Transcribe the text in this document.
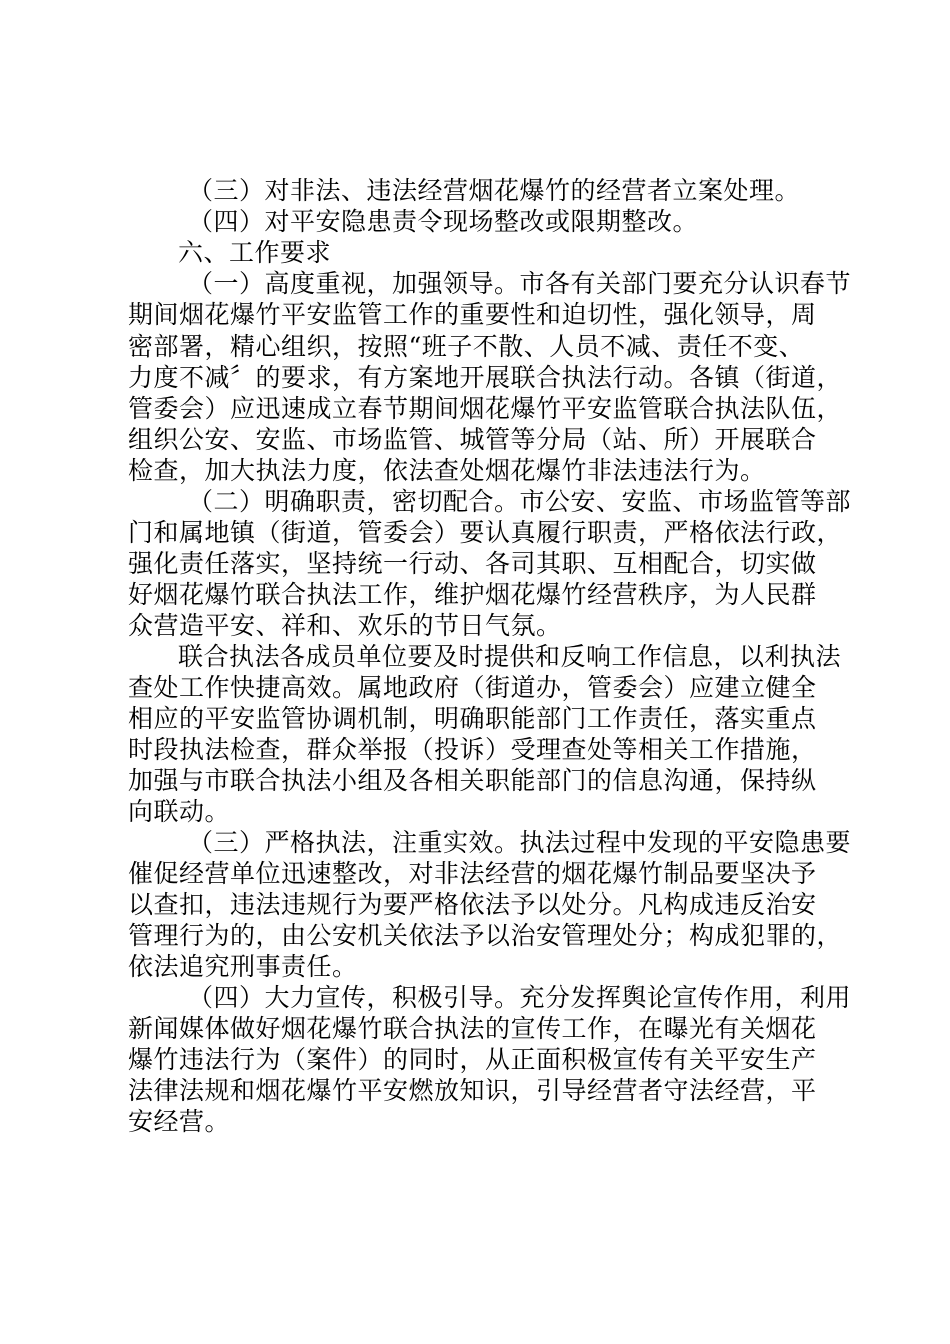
（三）对非法、违法经营烟花爆竹的经营者立案处理。
（四）对平安隐患责令现场整改或限期整改。
六、工作要求
（一）高度重视，加强领导。市各有关部门要充分认识春节
期间烟花爆竹平安监管工作的重要性和迫切性，强化领导，周
密部署，精心组织，按照“班子不散、人员不减、责任不变、
力度不减〞的要求，有方案地开展联合执法行动。各镇（街道，
管委会）应迅速成立春节期间烟花爆竹平安监管联合执法队伍，
组织公安、安监、市场监管、城管等分局（站、所）开展联合
检查，加大执法力度，依法查处烟花爆竹非法违法行为。
（二）明确职责，密切配合。市公安、安监、市场监管等部
门和属地镇（街道，管委会）要认真履行职责，严格依法行政，
强化责任落实，坚持统一行动、各司其职、互相配合，切实做
好烟花爆竹联合执法工作，维护烟花爆竹经营秩序，为人民群
众营造平安、祥和、欢乐的节日气氛。
联合执法各成员单位要及时提供和反响工作信息，以利执法
查处工作快捷高效。属地政府（街道办，管委会）应建立健全
相应的平安监管协调机制，明确职能部门工作责任，落实重点
时段执法检查，群众举报（投诉）受理查处等相关工作措施，
加强与市联合执法小组及各相关职能部门的信息沟通，保持纵
向联动。
（三）严格执法，注重实效。执法过程中发现的平安隐患要
催促经营单位迅速整改，对非法经营的烟花爆竹制品要坚决予
以查扣，违法违规行为要严格依法予以处分。凡构成违反治安
管理行为的，由公安机关依法予以治安管理处分；构成犯罪的，
依法追究刑事责任。
（四）大力宣传，积极引导。充分发挥舆论宣传作用，利用
新闻媒体做好烟花爆竹联合执法的宣传工作，在曝光有关烟花
爆竹违法行为（案件）的同时，从正面积极宣传有关平安生产
法律法规和烟花爆竹平安燃放知识，引导经营者守法经营，平
安经营。
